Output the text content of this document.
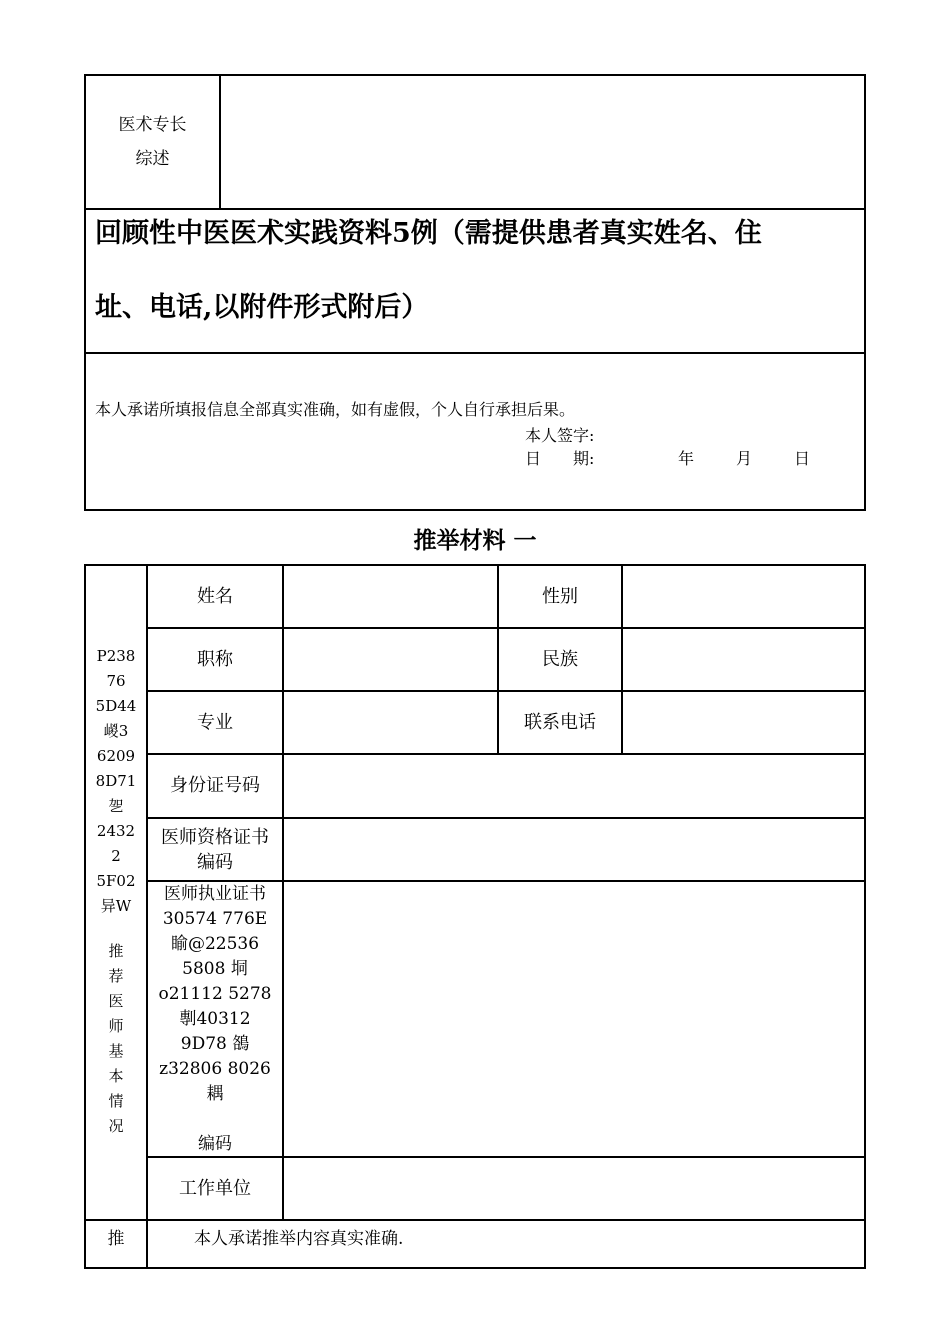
医术专长
综述
回顾性中医医术实践资料5例（需提供患者真实姓名、住
址、电话,以附件形式附后）
本人承诺所填报信息全部真实准确，如有虚假，个人自行承担后果。
本人签字:
日　　期:	年	月	日
推举材料 一
P238
76
5D44
嵕3
6209
8D71
乫
2432
2
5F02
异W
推
荐
医
师
基
本
情
况
姓名	性别
职称	民族
专业	联系电话
身份证号码
医师资格证书
编码
医师执业证书
30574 776E
睮@22536
5808 垌
o21112 5278
剸40312
9D78 鵅
z32806 8026
耦
编码
工作单位
推	本人承诺推举内容真实准确.
